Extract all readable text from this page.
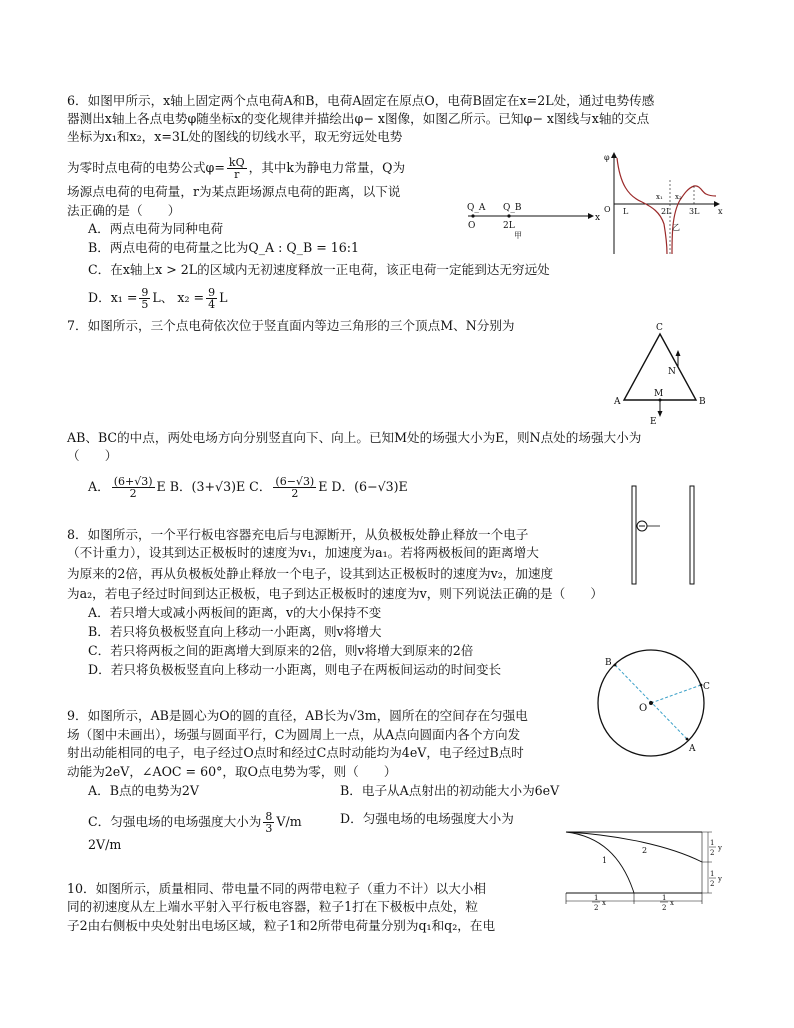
6．如图甲所示，x轴上固定两个点电荷A和B，电荷A固定在原点O，电荷B固定在x=2L处，通过电势传感
器测出x轴上各点电势φ随坐标x的变化规律并描绘出φ− x图像，如图乙所示。已知φ− x图线与x轴的交点
坐标为x₁和x₂，x=3L处的图线的切线水平，取无穷远处电势
为零时点电荷的电势公式$\varphi= \frac{kQ}{r}$ ，其中k为静电力常量，Q为
场源点电荷的电荷量，r为某点距场源点电荷的距离，以下说
法正确的是（　　）
A．两点电荷为同种电荷
B．两点电荷的电荷量之比为Q_A : Q_B = 16:1
C．在x轴上x > 2L的区域内无初速度释放一正电荷，该正电荷一定能到达无穷远处
D．$x_1 = \frac{9}{5}$ L、 $x_2 = \frac{9}{4}$ L
Q_A Q_B
O	2L
x
甲
φ
O
x₁ x₂
L	2L 3L x
乙
7．如图所示，三个点电荷依次位于竖直面内等边三角形的三个顶点M、N分别为
AB、BC的中点，两处电场方向分别竖直向下、向上。已知M处的场强大小为E，则N点处的场强大小为
（　　）
A． $\frac{(6+√3)}{2}$ E B．(3+√3)E C． $\frac{(6-√3)}{2}$ E D．(6−√3)E
C
N
M
A	B
E
8．如图所示，一个平行板电容器充电后与电源断开，从负极板处静止释放一个电子
（不计重力），设其到达正极板时的速度为v₁，加速度为a₁。若将两极板间的距离增大
为原来的2倍，再从负极板处静止释放一个电子，设其到达正极板时的速度为v₂，加速度
为a₂，若电子经过时间到达正极板，电子到达正极板时的速度为v，则下列说法正确的是（　　）
A．若只增大或减小两板间的距离，v的大小保持不变
B．若只将负极板竖直向上移动一小距离，则v将增大
C．若只将两板之间的距离增大到原来的2倍，则v将增大到原来的2倍
D．若只将负极板竖直向上移动一小距离，则电子在两板间运动的时间变长
9．如图所示，AB是圆心为O的圆的直径，AB长为√3m，圆所在的空间存在匀强电
场（图中未画出），场强与圆面平行，C为圆周上一点，从A点向圆面内各个方向发
射出动能相同的电子，电子经过O点时和经过C点时动能均为4eV，电子经过B点时
动能为2eV，∠AOC = 60°，取O点电势为零，则（　　）
A．B点的电势为2V	B．电子从A点射出的初动能大小为6eV
C．匀强电场的电场强度大小为 $\frac{8}{3} V/m$	D．匀强电场的电场强度大小为
2V/m
B
C
O
A
10．如图所示，质量相同、带电量不同的两带电粒子（重力不计）以大小相
同的初速度从左上端水平射入平行板电容器，粒子1打在下极板中点处，粒
子2由右侧板中央处射出电场区域，粒子1和2所带电荷量分别为q₁和q₂，在电
1
2
1
2
x
1
2
x
1
2
y
1
2
y
